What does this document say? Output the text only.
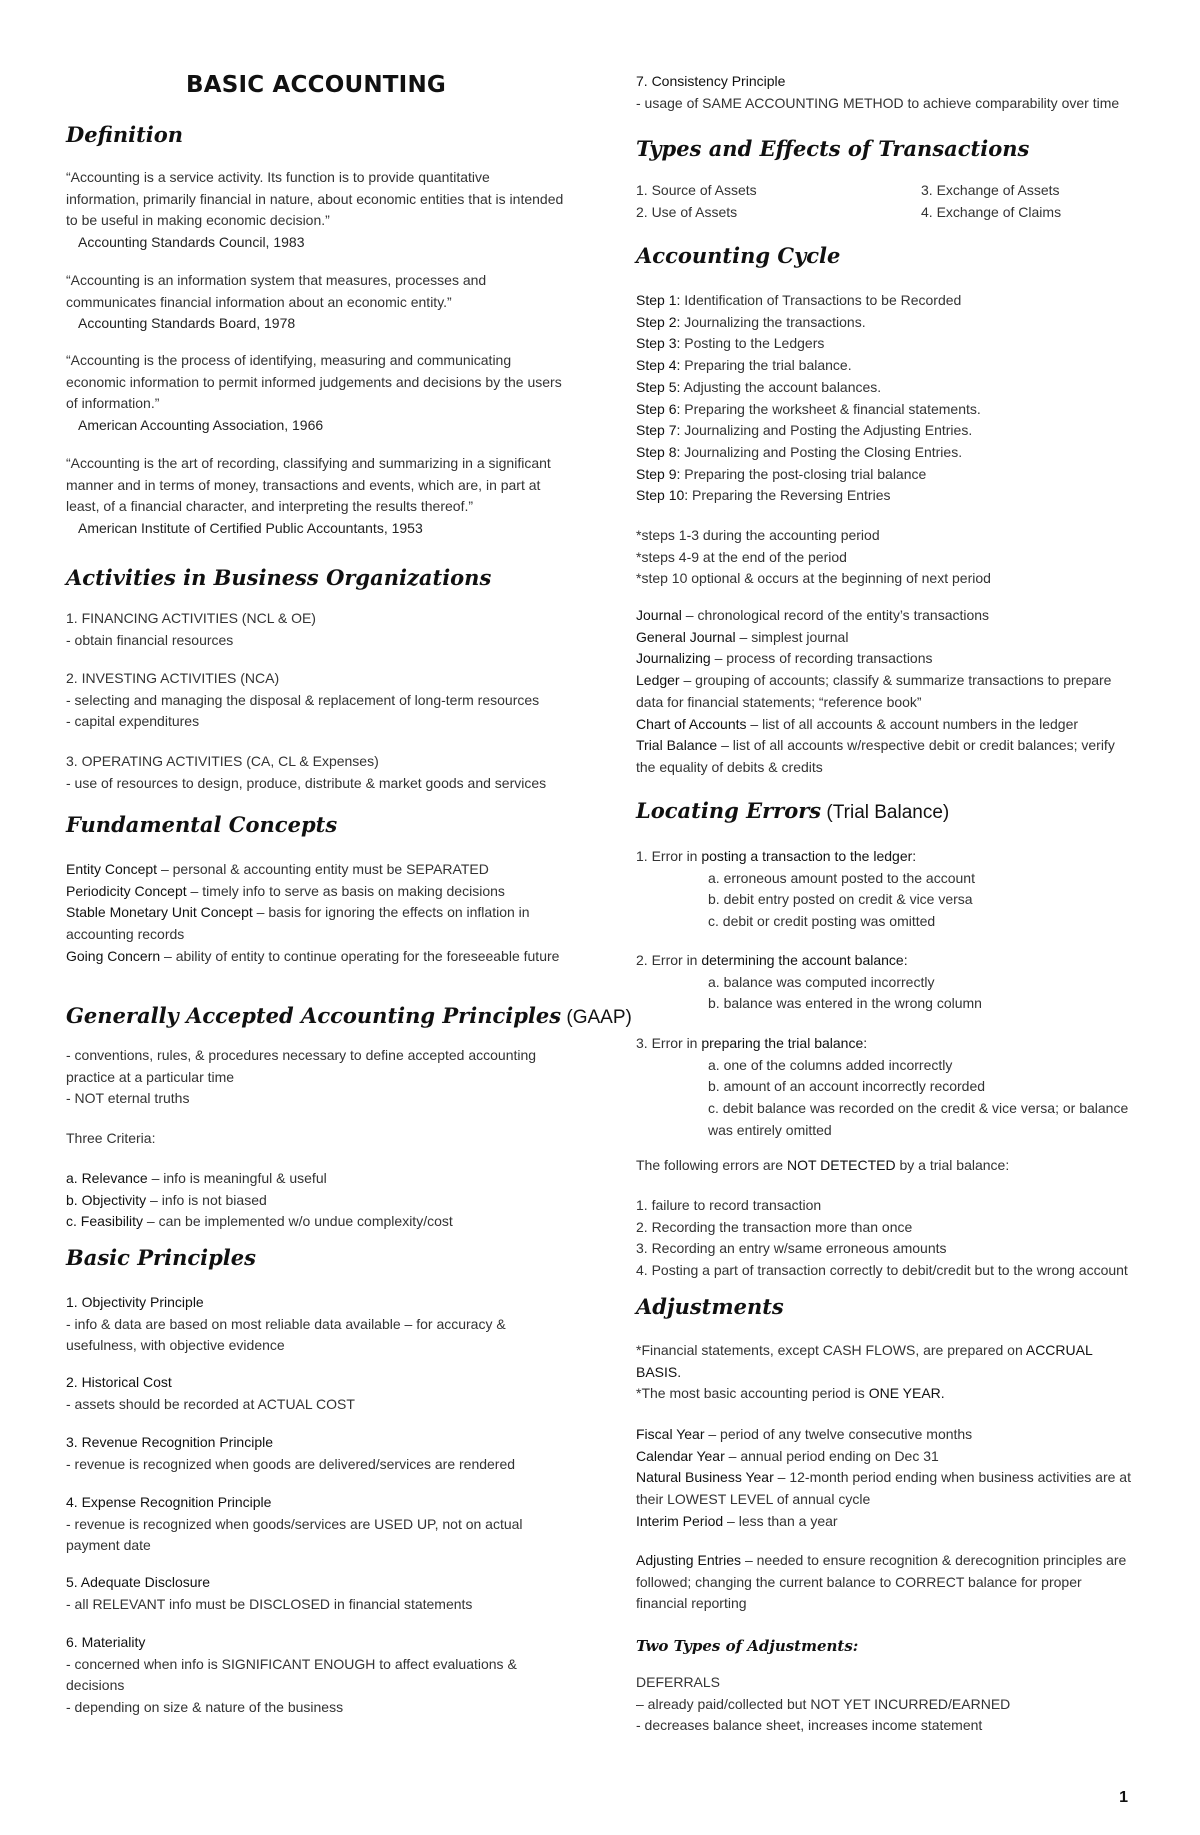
BASIC ACCOUNTING
Definition

“Accounting is a service activity. Its function is to provide quantitative information, primarily financial in nature, about economic entities that is intended to be useful in making economic decision.”

Accounting Standards Council, 1983

“Accounting is an information system that measures, processes and communicates financial information about an economic entity.”

Accounting Standards Board, 1978

“Accounting is the process of identifying, measuring and communicating economic information to permit informed judgements and decisions by the users of information.”

American Accounting Association, 1966

“Accounting is the art of recording, classifying and summarizing in a significant manner and in terms of money, transactions and events, which are, in part at least, of a financial character, and interpreting the results thereof.”

American Institute of Certified Public Accountants, 1953

Activities in Business Organizations

1. FINANCING ACTIVITIES (NCL & OE)

- obtain financial resources

2. INVESTING ACTIVITIES (NCA)

- selecting and managing the disposal & replacement of long-term resources

- capital expenditures

3. OPERATING ACTIVITIES (CA, CL & Expenses)

- use of resources to design, produce, distribute & market goods and services

Fundamental Concepts

Entity Concept – personal & accounting entity must be SEPARATED

Periodicity Concept – timely info to serve as basis on making decisions

Stable Monetary Unit Concept – basis for ignoring the effects on inflation in accounting records

Going Concern – ability of entity to continue operating for the foreseeable future

Generally Accepted Accounting Principles (GAAP)

- conventions, rules, & procedures necessary to define accepted accounting practice at a particular time

- NOT eternal truths

Three Criteria:

a. Relevance – info is meaningful & useful

b. Objectivity – info is not biased

c. Feasibility – can be implemented w/o undue complexity/cost

Basic Principles

1. Objectivity Principle

- info & data are based on most reliable data available – for accuracy & usefulness, with objective evidence

2. Historical Cost

- assets should be recorded at ACTUAL COST

3. Revenue Recognition Principle

- revenue is recognized when goods are delivered/services are rendered

4. Expense Recognition Principle

- revenue is recognized when goods/services are USED UP, not on actual payment date

5. Adequate Disclosure

- all RELEVANT info must be DISCLOSED in financial statements

6. Materiality

- concerned when info is SIGNIFICANT ENOUGH to affect evaluations & decisions

- depending on size & nature of the business

7. Consistency Principle

- usage of SAME ACCOUNTING METHOD to achieve comparability over time

Types and Effects of Transactions

1. Source of Assets

2. Use of Assets

3. Exchange of Assets

4. Exchange of Claims

Accounting Cycle

Step 1: Identification of Transactions to be Recorded

Step 2: Journalizing the transactions.

Step 3: Posting to the Ledgers

Step 4: Preparing the trial balance.

Step 5: Adjusting the account balances.

Step 6: Preparing the worksheet & financial statements.

Step 7: Journalizing and Posting the Adjusting Entries.

Step 8: Journalizing and Posting the Closing Entries.

Step 9: Preparing the post-closing trial balance

Step 10: Preparing the Reversing Entries

*steps 1-3 during the accounting period

*steps 4-9 at the end of the period

*step 10 optional & occurs at the beginning of next period

Journal – chronological record of the entity’s transactions

General Journal – simplest journal

Journalizing – process of recording transactions

Ledger – grouping of accounts; classify & summarize transactions to prepare data for financial statements; “reference book”

Chart of Accounts – list of all accounts & account numbers in the ledger

Trial Balance – list of all accounts w/respective debit or credit balances; verify the equality of debits & credits

Locating Errors (Trial Balance)

1. Error in posting a transaction to the ledger:

a. erroneous amount posted to the account

b. debit entry posted on credit & vice versa

c. debit or credit posting was omitted

2. Error in determining the account balance:

a. balance was computed incorrectly

b. balance was entered in the wrong column

3. Error in preparing the trial balance:

a. one of the columns added incorrectly

b. amount of an account incorrectly recorded

c. debit balance was recorded on the credit & vice versa; or balance was entirely omitted

The following errors are NOT DETECTED by a trial balance:

1. failure to record transaction

2. Recording the transaction more than once

3. Recording an entry w/same erroneous amounts

4. Posting a part of transaction correctly to debit/credit but to the wrong account

Adjustments

*Financial statements, except CASH FLOWS, are prepared on ACCRUAL BASIS.

*The most basic accounting period is ONE YEAR.

Fiscal Year – period of any twelve consecutive months

Calendar Year – annual period ending on Dec 31

Natural Business Year – 12-month period ending when business activities are at their LOWEST LEVEL of annual cycle

Interim Period – less than a year

Adjusting Entries – needed to ensure recognition & derecognition principles are followed; changing the current balance to CORRECT balance for proper financial reporting

Two Types of Adjustments:

DEFERRALS

– already paid/collected but NOT YET INCURRED/EARNED

- decreases balance sheet, increases income statement

1
